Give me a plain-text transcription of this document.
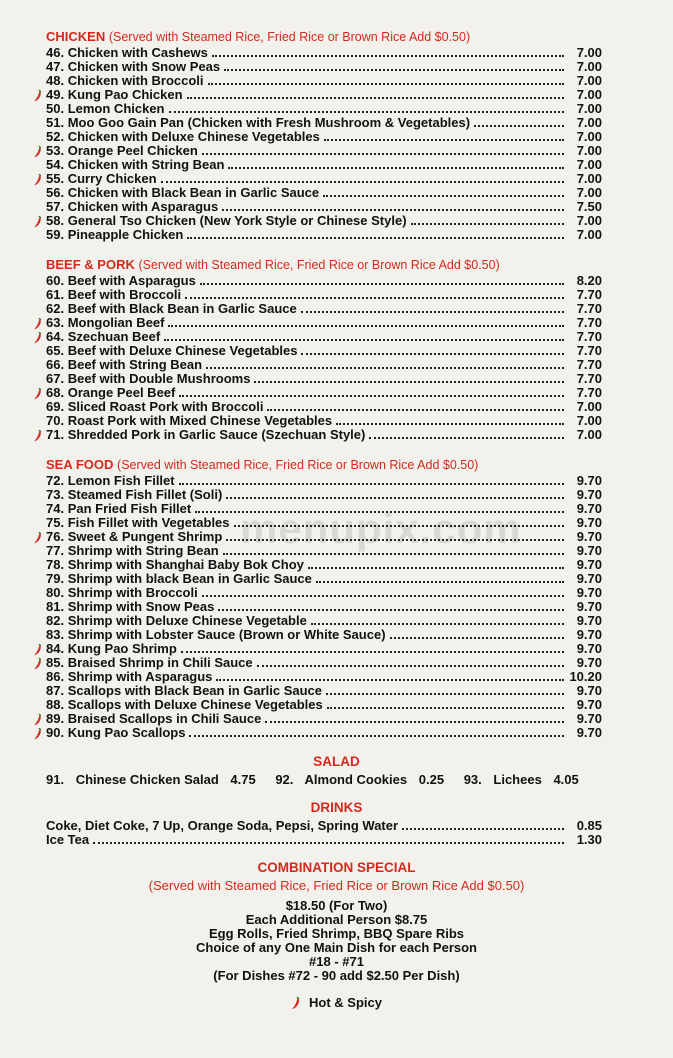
menupix.com
CHICKEN (Served with Steamed Rice, Fried Rice or Brown Rice Add $0.50)
46. Chicken with Cashews	7.00
47. Chicken with Snow Peas	7.00
48. Chicken with Broccoli	7.00
49. Kung Pao Chicken	7.00
50. Lemon Chicken	7.00
51. Moo Goo Gain Pan (Chicken with Fresh Mushroom & Vegetables)	7.00
52. Chicken with Deluxe Chinese Vegetables	7.00
53. Orange Peel Chicken	7.00
54. Chicken with String Bean	7.00
55. Curry Chicken	7.00
56. Chicken with Black Bean in Garlic Sauce	7.00
57. Chicken with Asparagus	7.50
58. General Tso Chicken (New York Style or Chinese Style)	7.00
59. Pineapple Chicken	7.00
BEEF & PORK (Served with Steamed Rice, Fried Rice or Brown Rice Add $0.50)
60. Beef with Asparagus	8.20
61. Beef with Broccoli	7.70
62. Beef with Black Bean in Garlic Sauce	7.70
63. Mongolian Beef	7.70
64. Szechuan Beef	7.70
65. Beef with Deluxe Chinese Vegetables	7.70
66. Beef with String Bean	7.70
67. Beef with Double Mushrooms	7.70
68. Orange Peel Beef	7.70
69. Sliced Roast Pork with Broccoli	7.00
70. Roast Pork with Mixed Chinese Vegetables	7.00
71. Shredded Pork in Garlic Sauce (Szechuan Style)	7.00
SEA FOOD (Served with Steamed Rice, Fried Rice or Brown Rice Add $0.50)
72. Lemon Fish Fillet	9.70
73. Steamed Fish Fillet (Soli)	9.70
74. Pan Fried Fish Fillet	9.70
75. Fish Fillet with Vegetables	9.70
76. Sweet & Pungent Shrimp	9.70
77. Shrimp with String Bean	9.70
78. Shrimp with Shanghai Baby Bok Choy	9.70
79. Shrimp with black Bean in Garlic Sauce	9.70
80. Shrimp with Broccoli	9.70
81. Shrimp with Snow Peas	9.70
82. Shrimp with Deluxe Chinese Vegetable	9.70
83. Shrimp with Lobster Sauce (Brown or White Sauce)	9.70
84. Kung Pao Shrimp	9.70
85. Braised Shrimp in Chili Sauce	9.70
86. Shrimp with Asparagus	10.20
87. Scallops with Black Bean in Garlic Sauce	9.70
88. Scallops with Deluxe Chinese Vegetables	9.70
89. Braised Scallops in Chili Sauce	9.70
90. Kung Pao Scallops	9.70
SALAD
91. Chinese Chicken Salad 4.75 92. Almond Cookies 0.25 93. Lichees 4.05
DRINKS
Coke, Diet Coke, 7 Up, Orange Soda, Pepsi, Spring Water	0.85
Ice Tea	1.30
COMBINATION SPECIAL
(Served with Steamed Rice, Fried Rice or Brown Rice Add $0.50)
$18.50 (For Two)
Each Additional Person $8.75
Egg Rolls, Fried Shrimp, BBQ Spare Ribs
Choice of any One Main Dish for each Person
#18 - #71
(For Dishes #72 - 90 add $2.50 Per Dish)
Hot & Spicy
